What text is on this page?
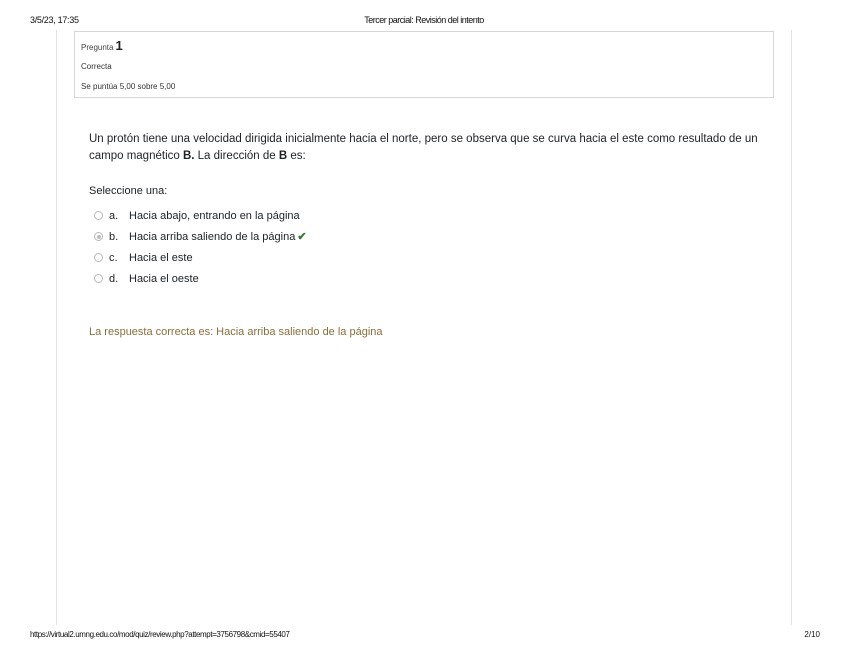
3/5/23, 17:35	Tercer parcial: Revisión del intento
Pregunta 1
Correcta
Se puntúa 5,00 sobre 5,00
Un protón tiene una velocidad dirigida inicialmente hacia el norte, pero se observa que se curva hacia el este como resultado de un campo magnético B. La dirección de B es:
Seleccione una:
a. Hacia abajo, entrando en la página
b. Hacia arriba saliendo de la página ✔
c.	Hacia el este
d. Hacia el oeste
La respuesta correcta es: Hacia arriba saliendo de la página
https://virtual2.umng.edu.co/mod/quiz/review.php?attempt=3756798&cmid=55407	2/10
